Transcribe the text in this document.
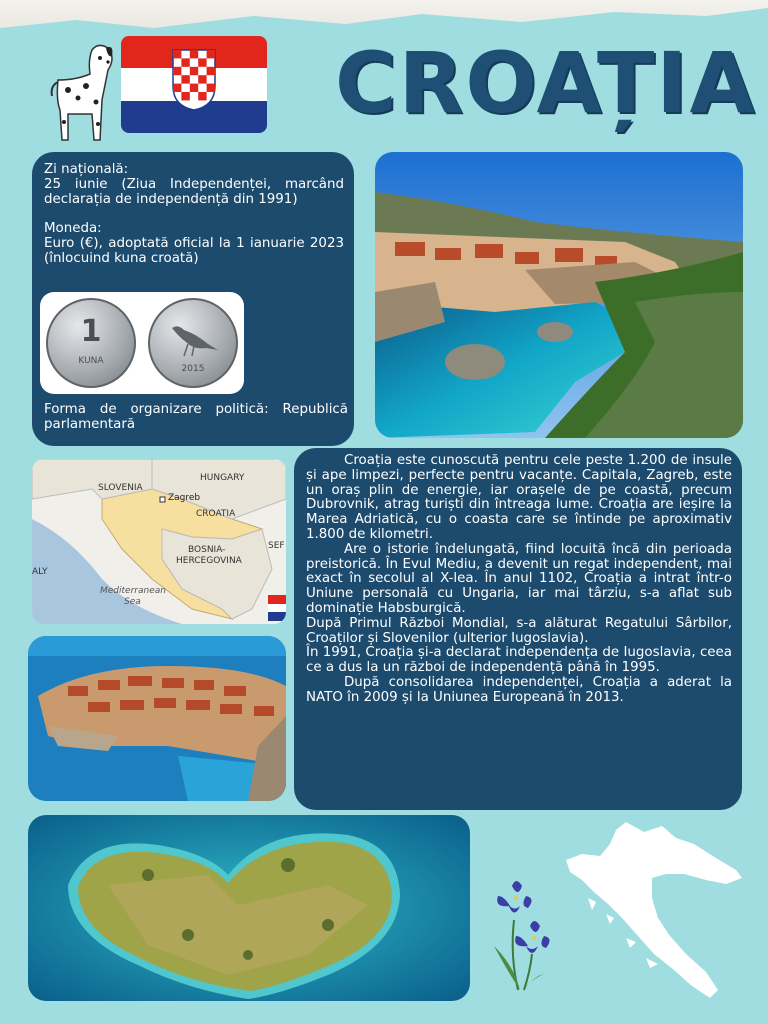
CROAȚIA

Zi națională:

25 iunie (Ziua Independenței, marcând declarația de independență din 1991)

Moneda:

Euro (€), adoptată oficial la 1 ianuarie 2023 (înlocuind kuna croată)

Forma de organizare politică: Republică parlamentară

1
KUNA
2015
HUNGARY
SLOVENIA
Zagreb
CROATIA
BOSNIA-
HERCEGOVINA
ALY
Mediterranean
Sea
SEF

Croația este cunoscută pentru cele peste 1.200 de insule și ape limpezi, perfecte pentru vacanțe. Capitala, Zagreb, este un oraș plin de energie, iar orașele de pe coastă, precum Dubrovnik, atrag turiști din întreaga lume. Croația are ieșire la Marea Adriatică, cu o coasta care se întinde pe aproximativ 1.800 de kilometri.

Are o istorie îndelungată, fiind locuită încă din perioada preistorică. În Evul Mediu, a devenit un regat independent, mai exact în secolul al X-lea. În anul 1102, Croația a intrat într-o Uniune personală cu Ungaria, iar mai târziu, s-a aflat sub dominație Habsburgică.

După Primul Război Mondial, s-a alăturat Regatului Sârbilor, Croaților și Slovenilor (ulterior Iugoslavia).

În 1991, Croația și-a declarat independența de Iugoslavia, ceea ce a dus la un război de independență până în 1995.

După consolidarea independenței, Croația a aderat la NATO în 2009 și la Uniunea Europeană în 2013.
